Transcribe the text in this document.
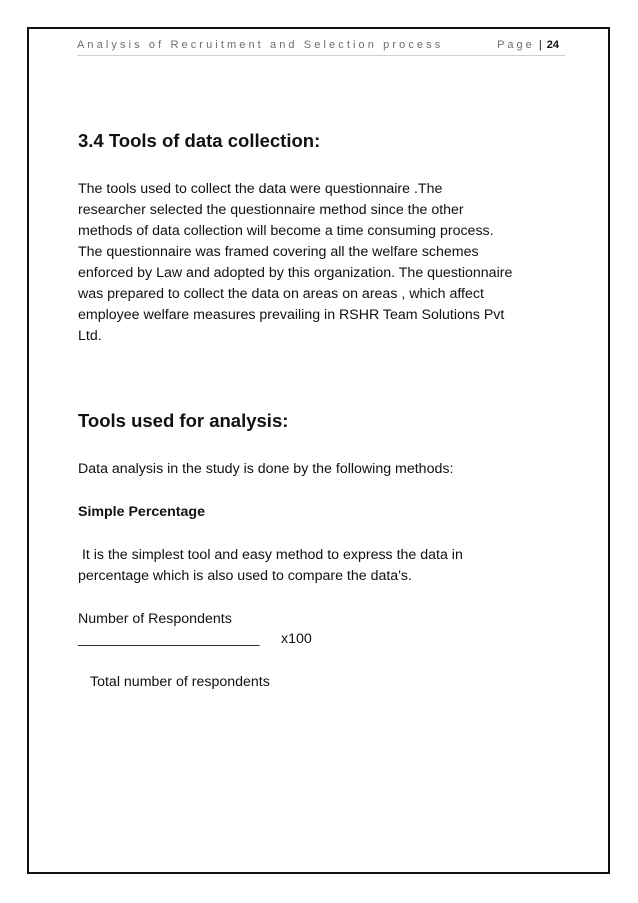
Analysis of Recruitment and Selection process	Page | 24
3.4 Tools of data collection:
The tools used to collect the data were questionnaire .The
researcher selected the questionnaire method since the other
methods of data collection will become a time consuming process.
The questionnaire was framed covering all the welfare schemes
enforced by Law and adopted by this organization. The questionnaire
was prepared to collect the data on areas on areas , which affect
employee welfare measures prevailing in RSHR Team Solutions Pvt
Ltd.
Tools used for analysis:
Data analysis in the study is done by the following methods:
Simple Percentage
It is the simplest tool and easy method to express the data in
percentage which is also used to compare the data's.
Number of Respondents
_______________________ x100
Total number of respondents
